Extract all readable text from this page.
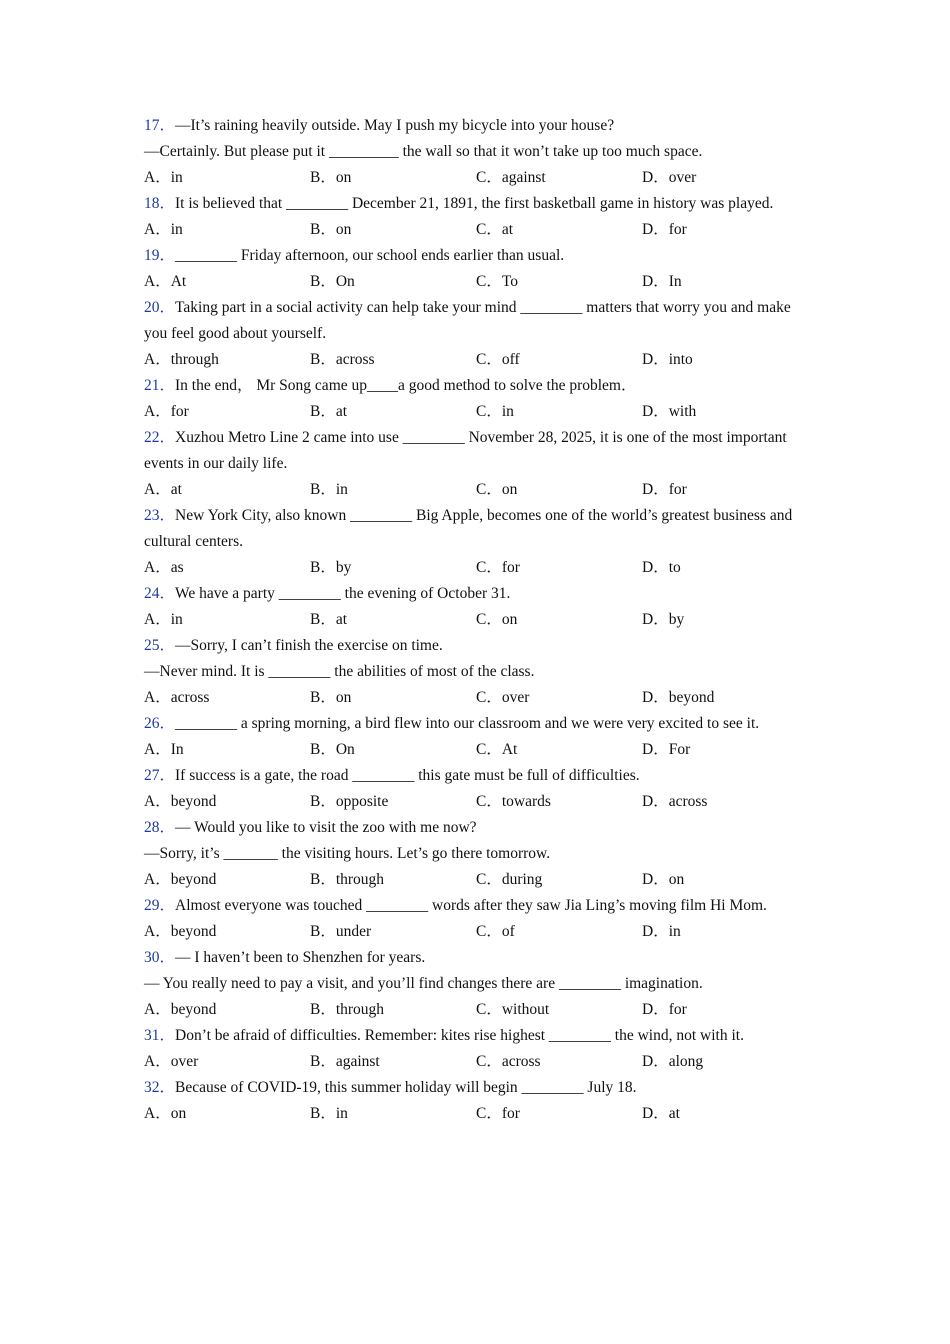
17．—It’s raining heavily outside. May I push my bicycle into your house?

—Certainly. But please put it _________ the wall so that it won’t take up too much space.

A．in	B．on	C．against	D．over

18．It is believed that ________ December 21, 1891, the first basketball game in history was played.

A．in	B．on	C．at	D．for

19．________ Friday afternoon, our school ends earlier than usual.

A．At	B．On	C．To	D．In

20．Taking part in a social activity can help take your mind ________ matters that worry you and make you feel good about yourself.

A．through	B．across	C．off	D．into

21．In the end， Mr Song came up____a good method to solve the problem．

A．for	B．at	C．in	D．with

22．Xuzhou Metro Line 2 came into use ________ November 28, 2025, it is one of the most important events in our daily life.

A．at	B．in	C．on	D．for

23．New York City, also known ________ Big Apple, becomes one of the world’s greatest business and cultural centers.

A．as	B．by	C．for	D．to

24．We have a party ________ the evening of October 31.

A．in	B．at	C．on	D．by

25．—Sorry, I can’t finish the exercise on time.

—Never mind. It is ________ the abilities of most of the class.

A．across	B．on	C．over	D．beyond

26．________ a spring morning, a bird flew into our classroom and we were very excited to see it.

A．In	B．On	C．At	D．For

27．If success is a gate, the road ________ this gate must be full of difficulties.

A．beyond	B．opposite	C．towards	D．across

28．— Would you like to visit the zoo with me now?

—Sorry, it’s _______ the visiting hours. Let’s go there tomorrow.

A．beyond	B．through	C．during	D．on

29．Almost everyone was touched ________ words after they saw Jia Ling’s moving film Hi Mom.

A．beyond	B．under	C．of	D．in

30．— I haven’t been to Shenzhen for years.

— You really need to pay a visit, and you’ll find changes there are ________ imagination.

A．beyond	B．through	C．without	D．for

31．Don’t be afraid of difficulties. Remember: kites rise highest ________ the wind, not with it.

A．over	B．against	C．across	D．along

32．Because of COVID-19, this summer holiday will begin ________ July 18.

A．on	B．in	C．for	D．at
